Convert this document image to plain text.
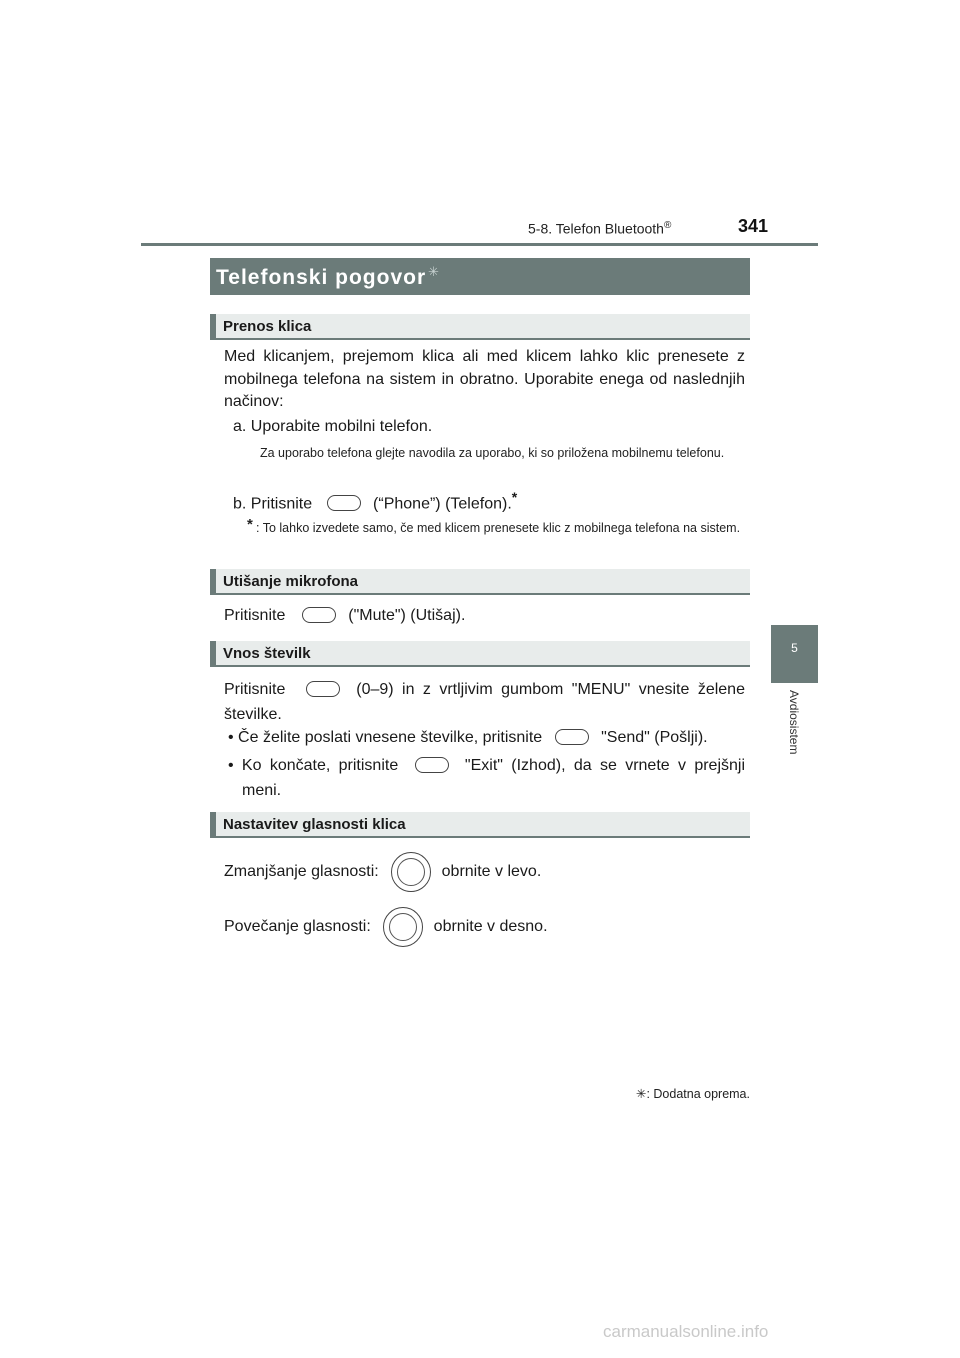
5-8. Telefon Bluetooth®	341
5
Avdiosistem
Telefonski pogovor ✳
Prenos klica
Med klicanjem, prejemom klica ali med klicem lahko klic prenesete z mobilnega telefona na sistem in obratno. Uporabite enega od naslednjih načinov:
a. Uporabite mobilni telefon.
Za uporabo telefona glejte navodila za uporabo, ki so priložena mobilnemu telefonu.
b. Pritisnite	(“Phone”) (Telefon).*
* : To lahko izvedete samo, če med klicem prenesete klic z mobilnega telefona na sistem.
Utišanje mikrofona
Pritisnite	("Mute") (Utišaj).
Vnos številk
Pritisnite	(0–9) in z vrtljivim gumbom "MENU" vnesite želene številke.
• Če želite poslati vnesene številke, pritisnite	"Send" (Pošlji).
• Ko končate, pritisnite	"Exit" (Izhod), da se vrnete v prejšnji meni.
Nastavitev glasnosti klica
Zmanjšanje glasnosti:	obrnite v levo.
Povečanje glasnosti:	obrnite v desno.
✳: Dodatna oprema.
carmanualsonline.info
